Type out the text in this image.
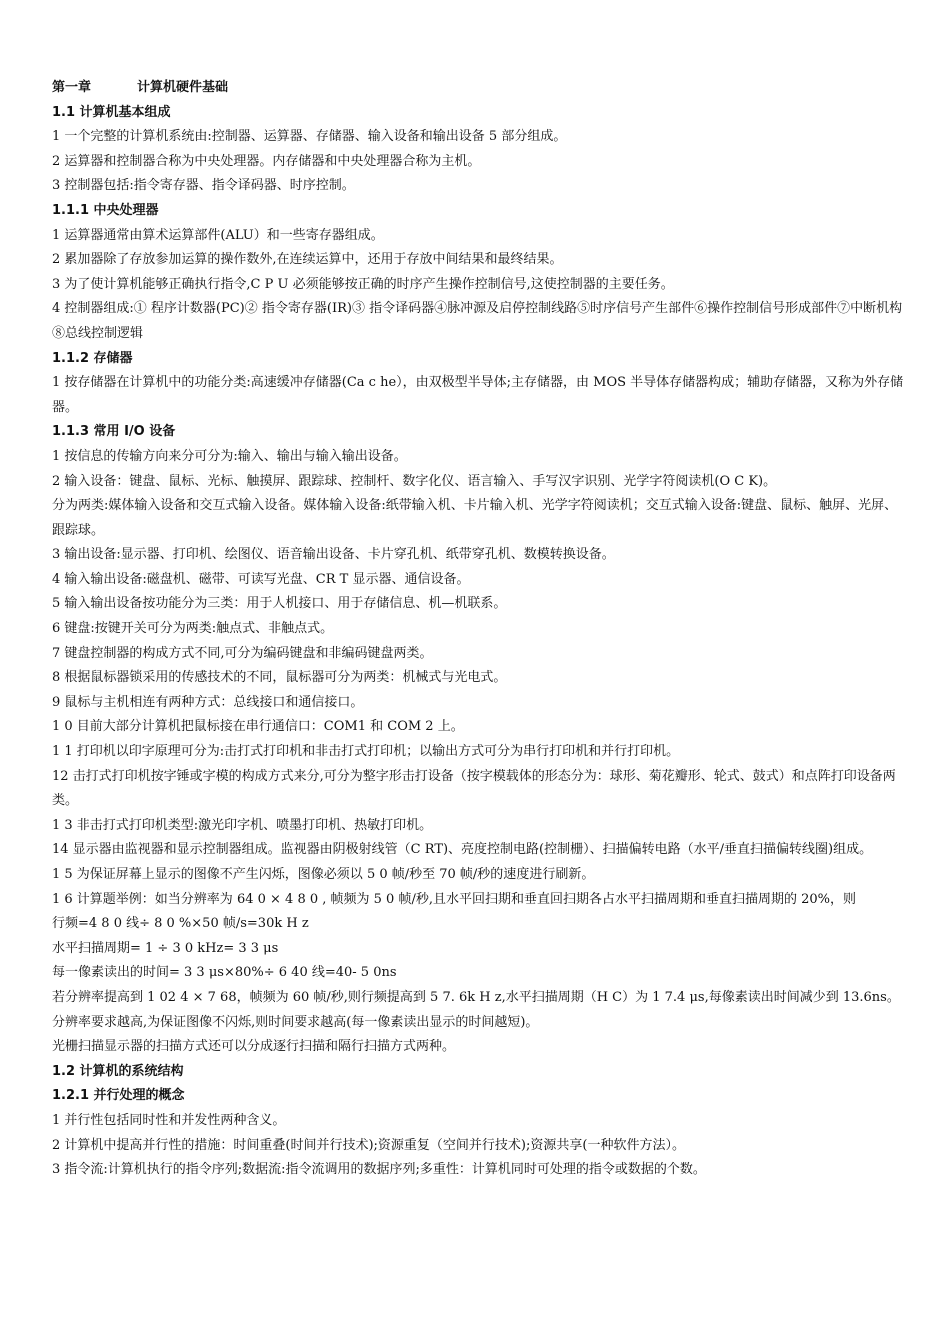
第一章	计算机硬件基础
1.1 计算机基本组成
1 一个完整的计算机系统由:控制器、运算器、存储器、输入设备和输出设备 5 部分组成。
2 运算器和控制器合称为中央处理器。内存储器和中央处理器合称为主机。
3 控制器包括:指令寄存器、指令译码器、时序控制。
1.1.1 中央处理器
1 运算器通常由算术运算部件(ALU）和一些寄存器组成。
2 累加器除了存放参加运算的操作数外,在连续运算中，还用于存放中间结果和最终结果。
3 为了使计算机能够正确执行指令,C P U 必须能够按正确的时序产生操作控制信号,这使控制器的主要任务。
4 控制器组成:① 程序计数器(PC)② 指令寄存器(IR)③ 指令译码器④脉冲源及启停控制线路⑤时序信号产生部件⑥操作控制信号形成部件⑦中断机构⑧总线控制逻辑
1.1.2 存储器
1 按存储器在计算机中的功能分类:高速缓冲存储器(Ca c he），由双极型半导体;主存储器，由 MOS 半导体存储器构成；辅助存储器，又称为外存储器。
1.1.3 常用 I/O 设备
1 按信息的传输方向来分可分为:输入、输出与输入输出设备。
2 输入设备：键盘、鼠标、光标、触摸屏、跟踪球、控制杆、数字化仪、语言输入、手写汉字识别、光学字符阅读机(O C K)。
分为两类:媒体输入设备和交互式输入设备。媒体输入设备:纸带输入机、卡片输入机、光学字符阅读机；交互式输入设备:键盘、鼠标、触屏、光屏、跟踪球。
3 输出设备:显示器、打印机、绘图仪、语音输出设备、卡片穿孔机、纸带穿孔机、数模转换设备。
4 输入输出设备:磁盘机、磁带、可读写光盘、CR T 显示器、通信设备。
5 输入输出设备按功能分为三类：用于人机接口、用于存储信息、机—机联系。
6 键盘:按键开关可分为两类:触点式、非触点式。
7 键盘控制器的构成方式不同,可分为编码键盘和非编码键盘两类。
8 根据鼠标器锁采用的传感技术的不同，鼠标器可分为两类：机械式与光电式。
9 鼠标与主机相连有两种方式：总线接口和通信接口。
1 0 目前大部分计算机把鼠标接在串行通信口：COM1 和 COM 2 上。
1 1 打印机以印字原理可分为:击打式打印机和非击打式打印机；以输出方式可分为串行打印机和并行打印机。
12 击打式打印机按字锤或字模的构成方式来分,可分为整字形击打设备（按字模载体的形态分为：球形、菊花瓣形、轮式、鼓式）和点阵打印设备两类。
1 3 非击打式打印机类型:激光印字机、喷墨打印机、热敏打印机。
14 显示器由监视器和显示控制器组成。监视器由阴极射线管（C RT)、亮度控制电路(控制栅）、扫描偏转电路（水平/垂直扫描偏转线圈)组成。
1 5 为保证屏幕上显示的图像不产生闪烁，图像必须以 5 0 帧/秒至 70 帧/秒的速度进行刷新。
1 6 计算题举例：如当分辨率为 64 0 × 4 8 0 , 帧频为 5 0 帧/秒,且水平回扫期和垂直回扫期各占水平扫描周期和垂直扫描周期的 20%，则
行频=4 8 0 线÷ 8 0 %×50 帧/s=30k H z
水平扫描周期= 1 ÷ 3 0 kHz= 3 3 μs
每一像素读出的时间= 3 3 μs×80%÷ 6 40 线=40- 5 0ns
若分辨率提高到 1 02 4 × 7 68，帧频为 60 帧/秒,则行频提高到 5 7. 6k H z,水平扫描周期（H C）为 1 7.4 μs,每像素读出时间减少到 13.6ns。
分辨率要求越高,为保证图像不闪烁,则时间要求越高(每一像素读出显示的时间越短)。
光栅扫描显示器的扫描方式还可以分成逐行扫描和隔行扫描方式两种。
1.2 计算机的系统结构
1.2.1 并行处理的概念
1 并行性包括同时性和并发性两种含义。
2 计算机中提高并行性的措施：时间重叠(时间并行技术);资源重复（空间并行技术);资源共享(一种软件方法）。
3 指令流:计算机执行的指令序列;数据流:指令流调用的数据序列;多重性：计算机同时可处理的指令或数据的个数。
